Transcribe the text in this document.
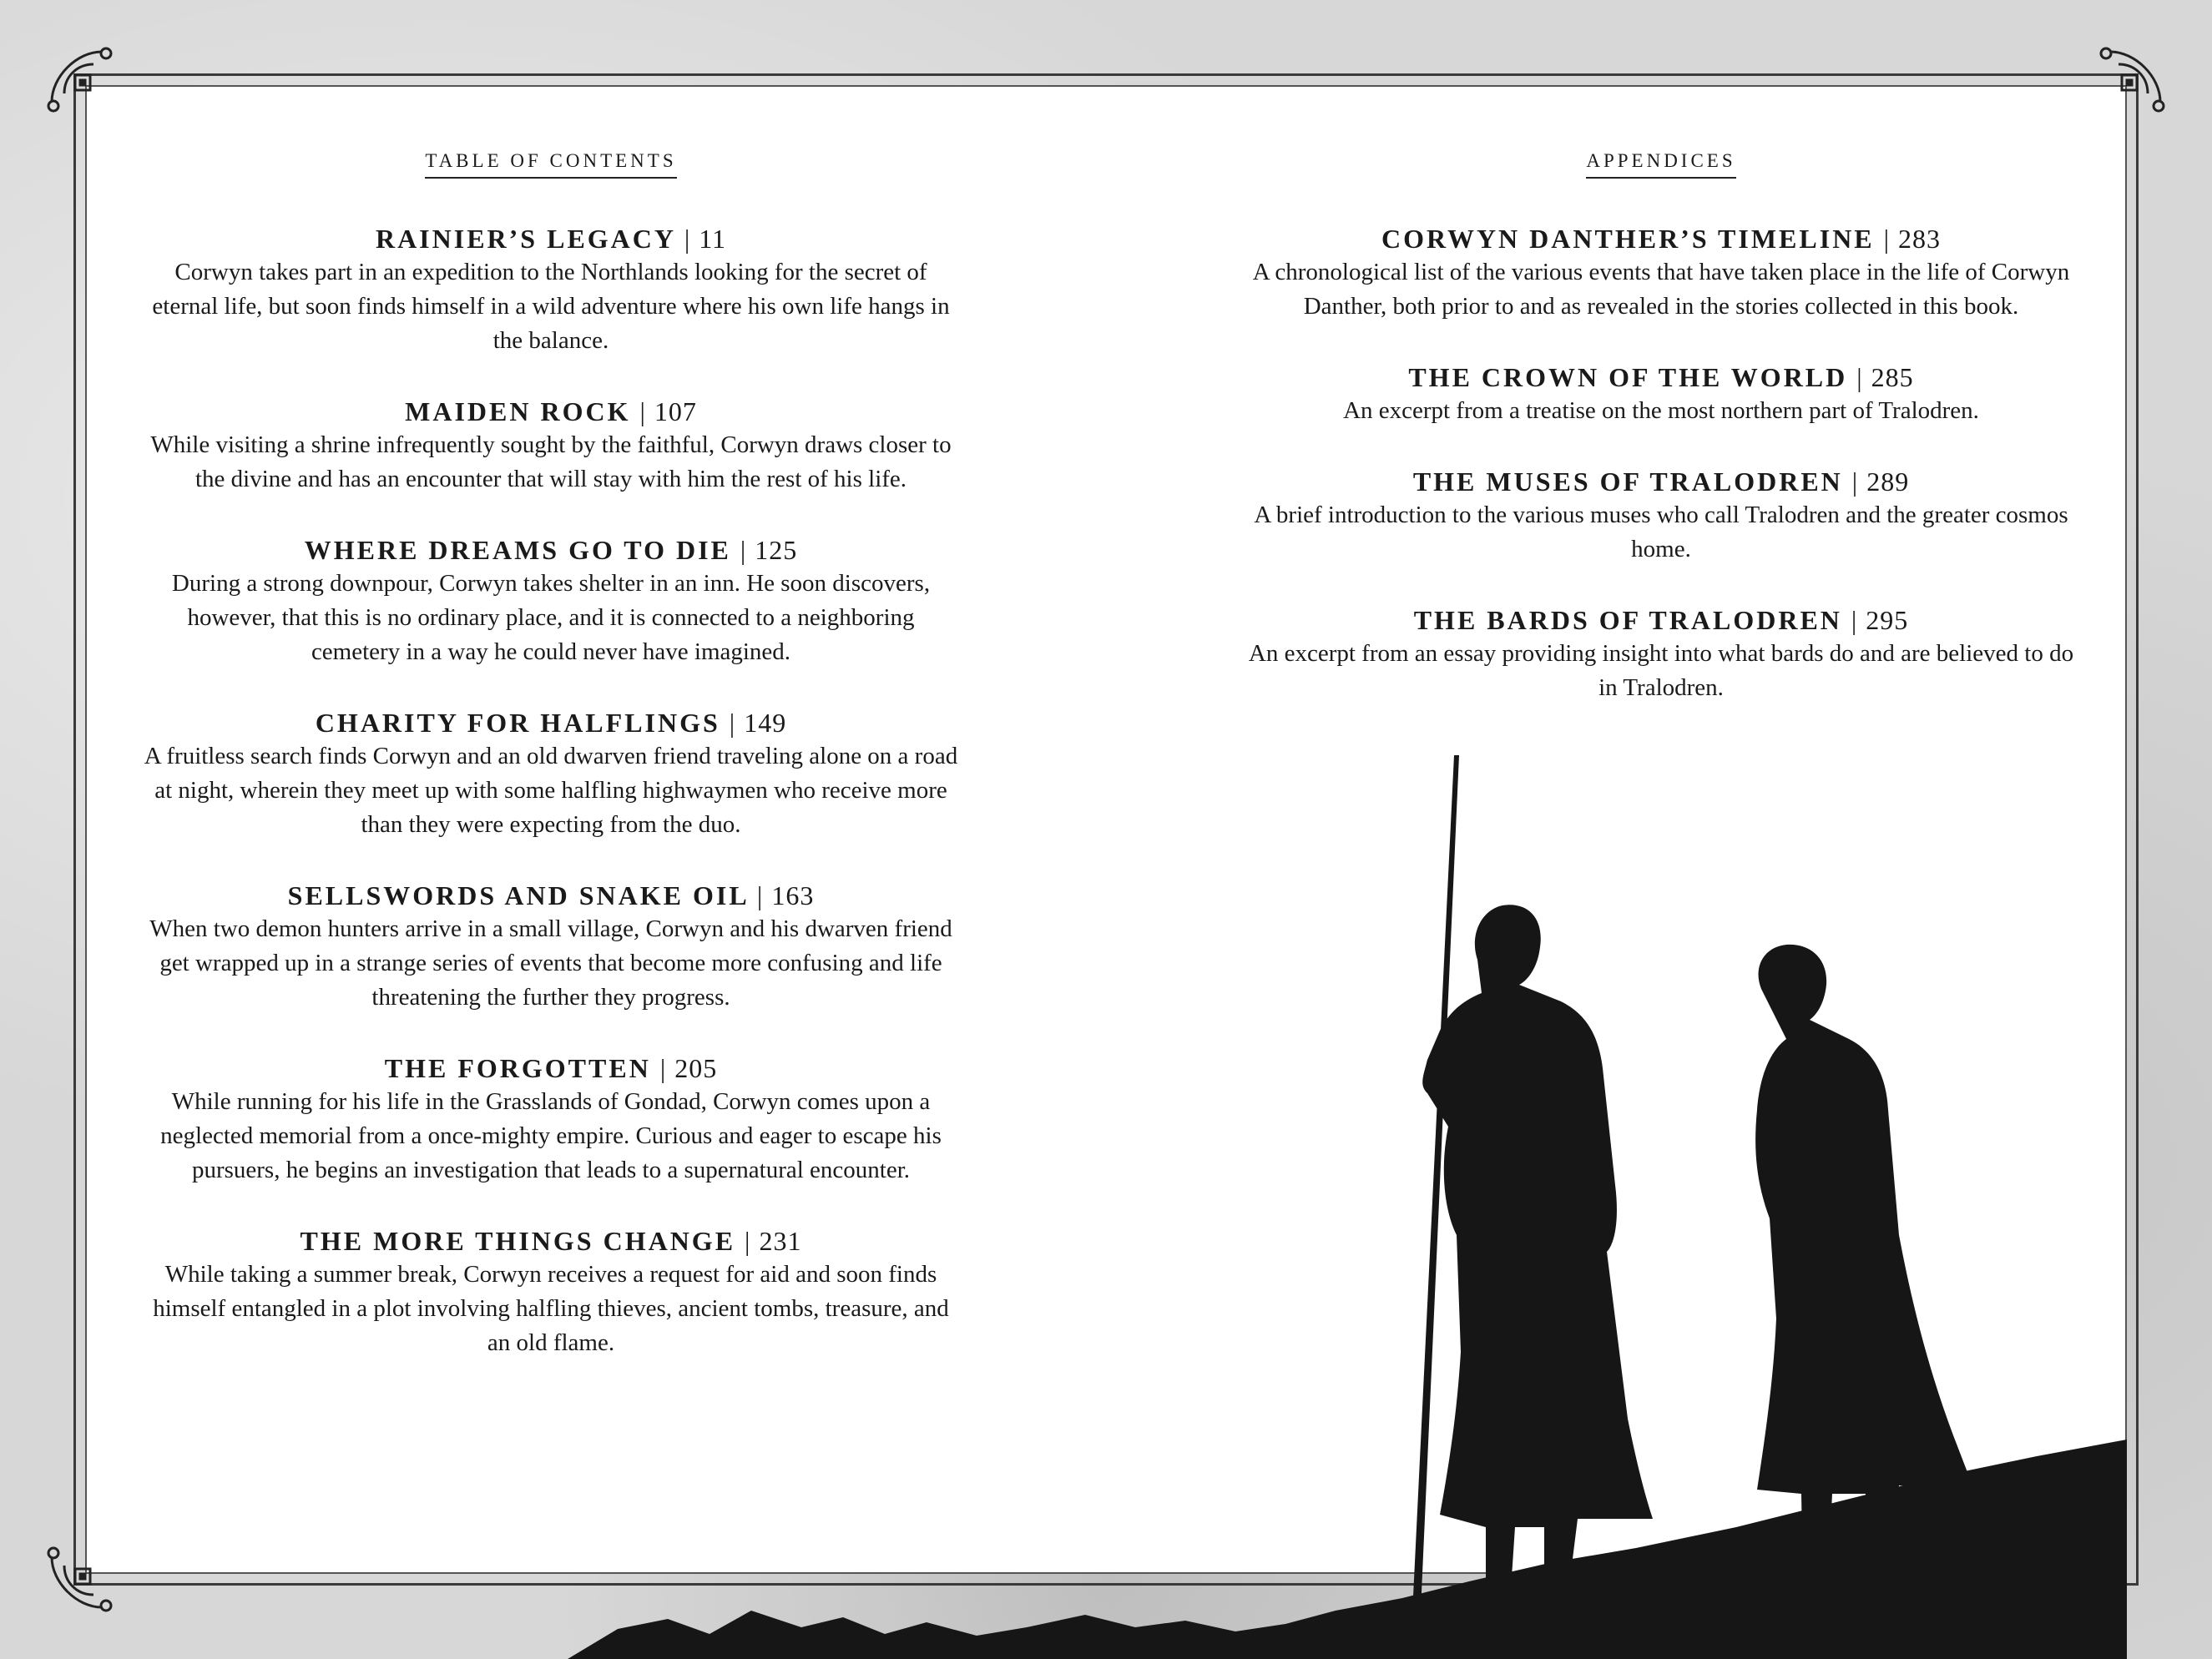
TABLE OF CONTENTS
RAINIER’S LEGACY | 11
Corwyn takes part in an expedition to the Northlands looking for the secret of eternal life, but soon finds himself in a wild adventure where his own life hangs in the balance.
MAIDEN ROCK | 107
While visiting a shrine infrequently sought by the faithful, Corwyn draws closer to the divine and has an encounter that will stay with him the rest of his life.
WHERE DREAMS GO TO DIE | 125
During a strong downpour, Corwyn takes shelter in an inn. He soon discovers, however, that this is no ordinary place, and it is connected to a neighboring cemetery in a way he could never have imagined.
CHARITY FOR HALFLINGS | 149
A fruitless search finds Corwyn and an old dwarven friend traveling alone on a road at night, wherein they meet up with some halfling highwaymen who receive more than they were expecting from the duo.
SELLSWORDS AND SNAKE OIL | 163
When two demon hunters arrive in a small village, Corwyn and his dwarven friend get wrapped up in a strange series of events that become more confusing and life threatening the further they progress.
THE FORGOTTEN | 205
While running for his life in the Grasslands of Gondad, Corwyn comes upon a neglected memorial from a once-mighty empire. Curious and eager to escape his pursuers, he begins an investigation that leads to a supernatural encounter.
THE MORE THINGS CHANGE | 231
While taking a summer break, Corwyn receives a request for aid and soon finds himself entangled in a plot involving halfling thieves, ancient tombs, treasure, and an old flame.
APPENDICES
CORWYN DANTHER’S TIMELINE | 283
A chronological list of the various events that have taken place in the life of Corwyn Danther, both prior to and as revealed in the stories collected in this book.
THE CROWN OF THE WORLD | 285
An excerpt from a treatise on the most northern part of Tralodren.
THE MUSES OF TRALODREN | 289
A brief introduction to the various muses who call Tralodren and the greater cosmos home.
THE BARDS OF TRALODREN | 295
An excerpt from an essay providing insight into what bards do and are believed to do in Tralodren.
